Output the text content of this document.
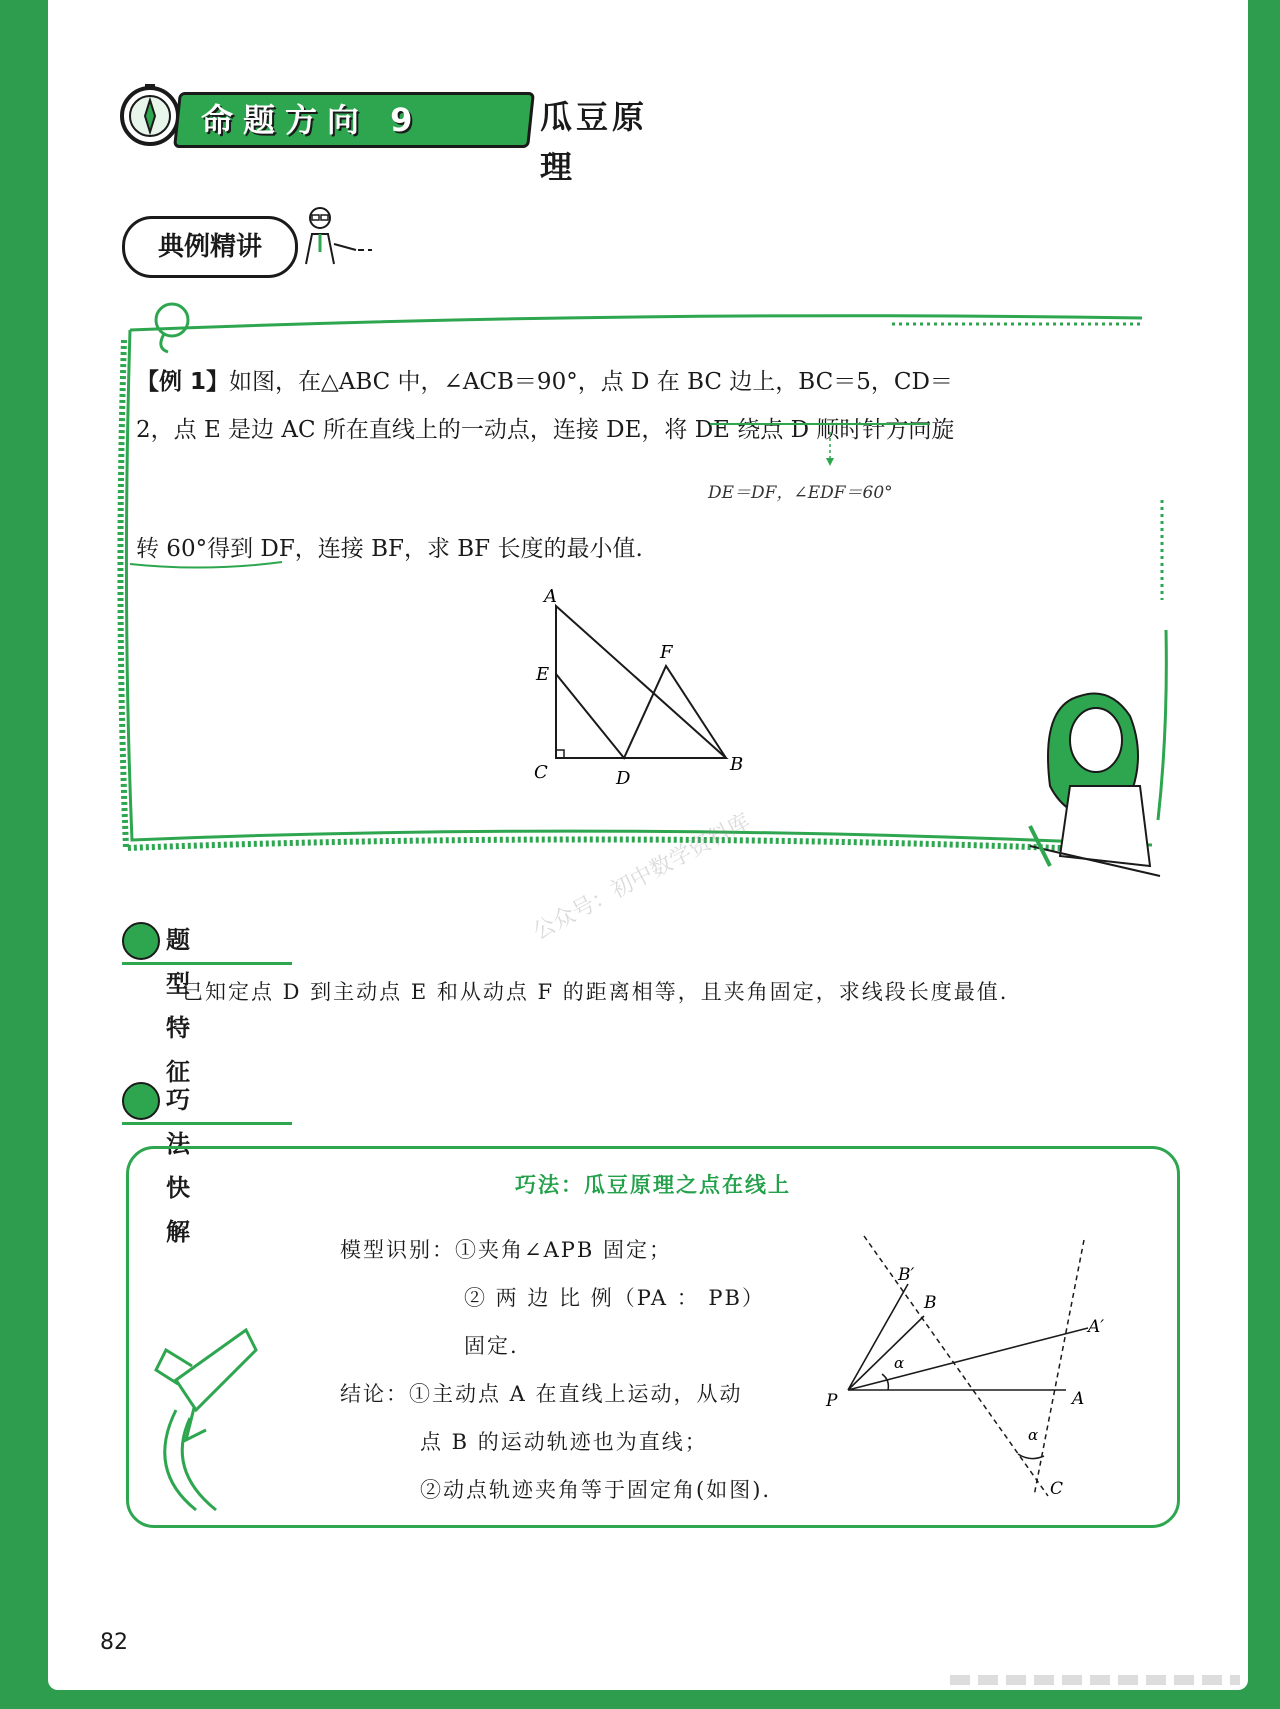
命题方向 9	瓜豆原理
典例精讲
【例 1】如图，在△ABC 中，∠ACB＝90°，点 D 在 BC 边上，BC＝5，CD＝
2，点 E 是边 AC 所在直线上的一动点，连接 DE，将 DE 绕点 D 顺时针方向旋
DE＝DF，∠EDF＝60°
转 60°得到 DF，连接 BF，求 BF 长度的最小值.
A
E
F
C	D
B
公众号：初中数学资料库
题型特征
已知定点 D 到主动点 E 和从动点 F 的距离相等，且夹角固定，求线段长度最值.
巧法快解
巧法：瓜豆原理之点在线上
模型识别：①夹角∠APB 固定；
② 两 边 比 例（PA ： PB）
固定.
结论：①主动点 A 在直线上运动，从动
点 B 的运动轨迹也为直线；
②动点轨迹夹角等于固定角(如图).
P
B′
B
A′
A
C
α
α
82
